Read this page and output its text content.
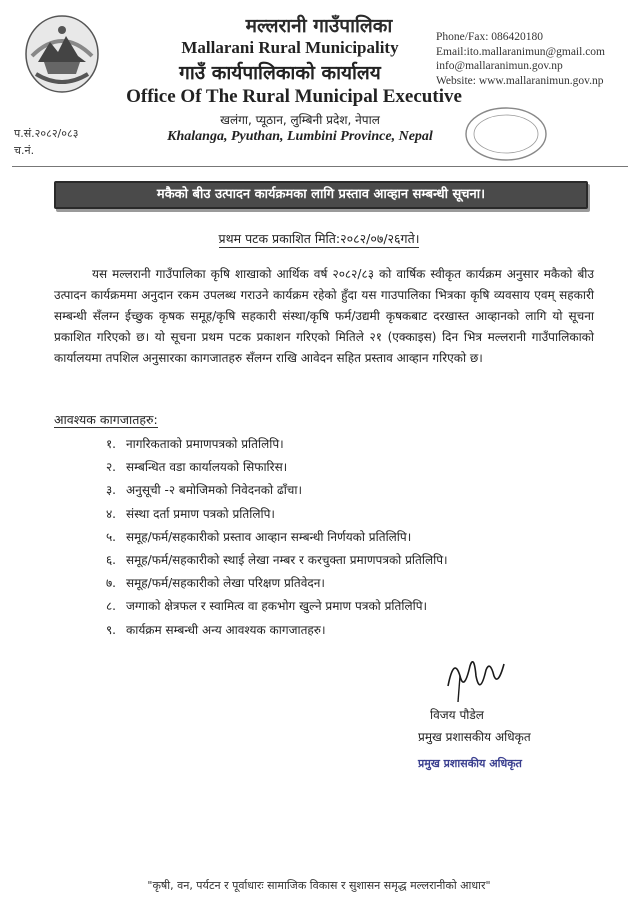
मल्लरानी गाउँपालिका
Mallarani Rural Municipality
गाउँ कार्यपालिकाको कार्यालय
Office Of The Rural Municipal Executive
खलंगा, प्यूठान, लुम्बिनी प्रदेश, नेपाल
Khalanga, Pyuthan, Lumbini Province, Nepal
Phone/Fax: 086420180
Email:ito.mallaranimun@gmail.com
info@mallaranimun.gov.np
Website: www.mallaranimun.gov.np
प.सं.२०८२/०८३
च.नं.
मकैको बीउ उत्पादन कार्यक्रमका लागि प्रस्ताव आव्हान सम्बन्धी सूचना।
प्रथम पटक प्रकाशित मिति:२०८२/०७/२६गते।
यस मल्लरानी गाउँपालिका कृषि शाखाको आर्थिक वर्ष २०८२/८३ को वार्षिक स्वीकृत कार्यक्रम अनुसार मकैको बीउ उत्पादन कार्यक्रममा अनुदान रकम उपलब्ध गराउने कार्यक्रम रहेको हुँदा यस गाउपालिका भित्रका कृषि व्यवसाय एवम् सहकारी सम्बन्धी सँलग्न ईच्छुक कृषक समूह/कृषि सहकारी संस्था/कृषि फर्म/उद्यमी कृषकबाट दरखास्त आव्हानको लागि यो सूचना प्रकाशित गरिएको छ। यो सूचना प्रथम पटक प्रकाशन गरिएको मितिले २१ (एक्काइस) दिन भित्र मल्लरानी गाउँपालिकाको कार्यालयमा तपशिल अनुसारका कागजातहरु सँलग्न राखि आवेदन सहित प्रस्ताव आव्हान गरिएको छ।
आवश्यक कागजातहरु:
१. नागरिकताको प्रमाणपत्रको प्रतिलिपि।
२. सम्बन्धित वडा कार्यालयको सिफारिस।
३. अनुसूची -२ बमोजिमको निवेदनको ढाँचा।
४. संस्था दर्ता प्रमाण पत्रको प्रतिलिपि।
५. समूह/फर्म/सहकारीको प्रस्ताव आव्हान सम्बन्धी निर्णयको प्रतिलिपि।
६. समूह/फर्म/सहकारीको स्थाई लेखा नम्बर र करचुक्ता प्रमाणपत्रको प्रतिलिपि।
७. समूह/फर्म/सहकारीको लेखा परिक्षण प्रतिवेदन।
८. जग्गाको क्षेत्रफल र स्वामित्व वा हकभोग खुल्ने प्रमाण पत्रको प्रतिलिपि।
९. कार्यक्रम सम्बन्धी अन्य आवश्यक कागजातहरु।
विजय पौडेल
प्रमुख प्रशासकीय अधिकृत
प्रमुख प्रशासकीय अधिकृत
"कृषी, वन, पर्यटन र पूर्वाधारः सामाजिक विकास र सुशासन समृद्ध मल्लरानीको आधार"
